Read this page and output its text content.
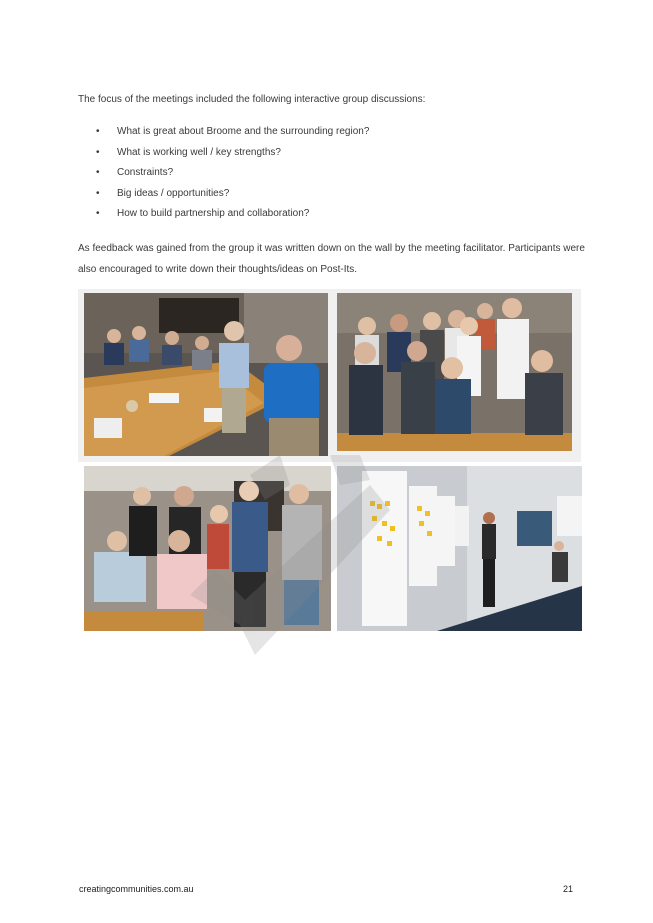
The focus of the meetings included the following interactive group discussions:
• What is great about Broome and the surrounding region?
• What is working well / key strengths?
• Constraints?
• Big ideas / opportunities?
• How to build partnership and collaboration?
As feedback was gained from the group it was written down on the wall by the meeting facilitator. Participants were also encouraged to write down their thoughts/ideas on Post-Its.
creatingcommunities.com.au	21
